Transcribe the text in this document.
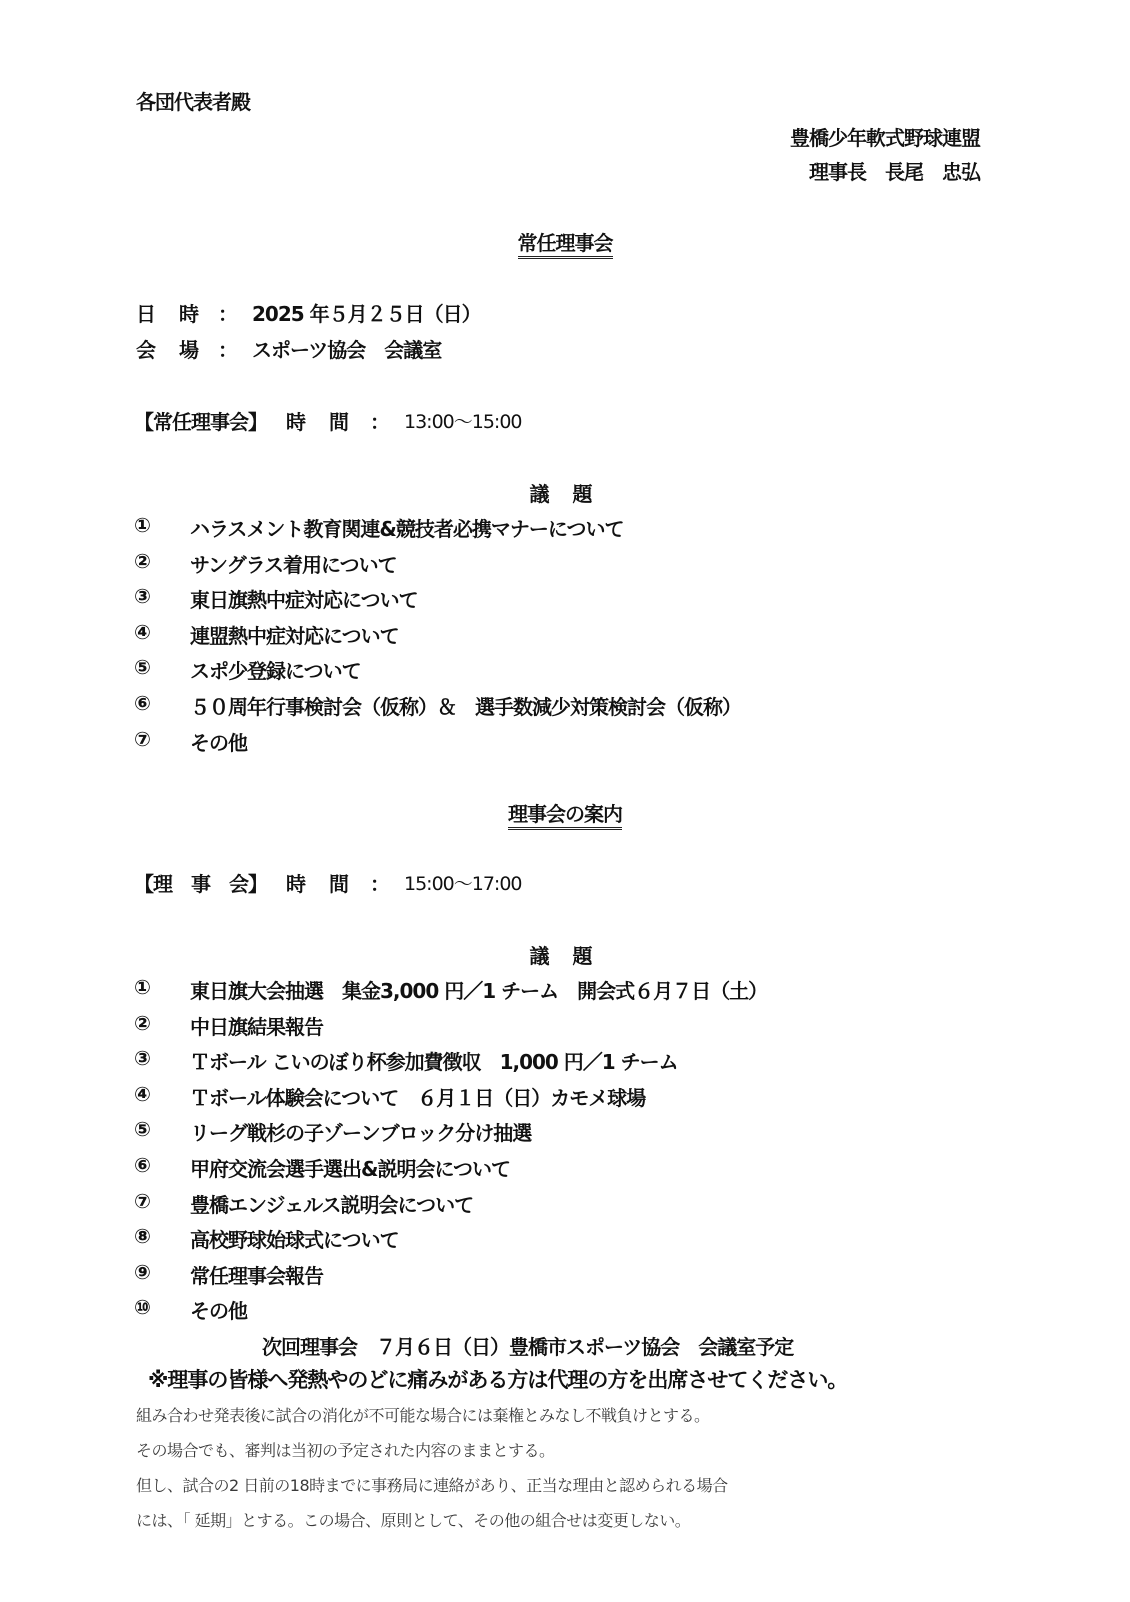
各団代表者殿
豊橋少年軟式野球連盟
理事長　長尾　忠弘
常任理事会
日 時 ： 2025 年５月２５日（日）
会 場 ： スポーツ協会　会議室
【常任理事会】 時 間 ： 13:00～15:00
議 題
①	ハラスメント教育関連&競技者必携マナーについて
②	サングラス着用について
③	東日旗熱中症対応について
④	連盟熱中症対応について
⑤	スポ少登録について
⑥	５０周年行事検討会（仮称）＆　選手数減少対策検討会（仮称）
⑦	その他
理事会の案内
【理　事　会】 時 間 ： 15:00～17:00
議 題
①	東日旗大会抽選　集金3,000 円／1 チーム　開会式６月７日（土）
②	中日旗結果報告
③	Ｔボール こいのぼり杯参加費徴収　1,000 円／1 チーム
④	Ｔボール体験会について　６月１日（日）カモメ球場
⑤	リーグ戦杉の子ゾーンブロック分け抽選
⑥	甲府交流会選手選出&説明会について
⑦	豊橋エンジェルス説明会について
⑧	高校野球始球式について
⑨	常任理事会報告
⑩	その他
次回理事会　７月６日（日）豊橋市スポーツ協会　会議室予定
※理事の皆様へ発熱やのどに痛みがある方は代理の方を出席させてください。
組み合わせ発表後に試合の消化が不可能な場合には棄権とみなし不戦負けとする。
その場合でも、審判は当初の予定された内容のままとする。
但し、試合の2 日前の18時までに事務局に連絡があり、正当な理由と認められる場合
には、「 延期」とする。この場合、原則として、その他の組合せは変更しない。
